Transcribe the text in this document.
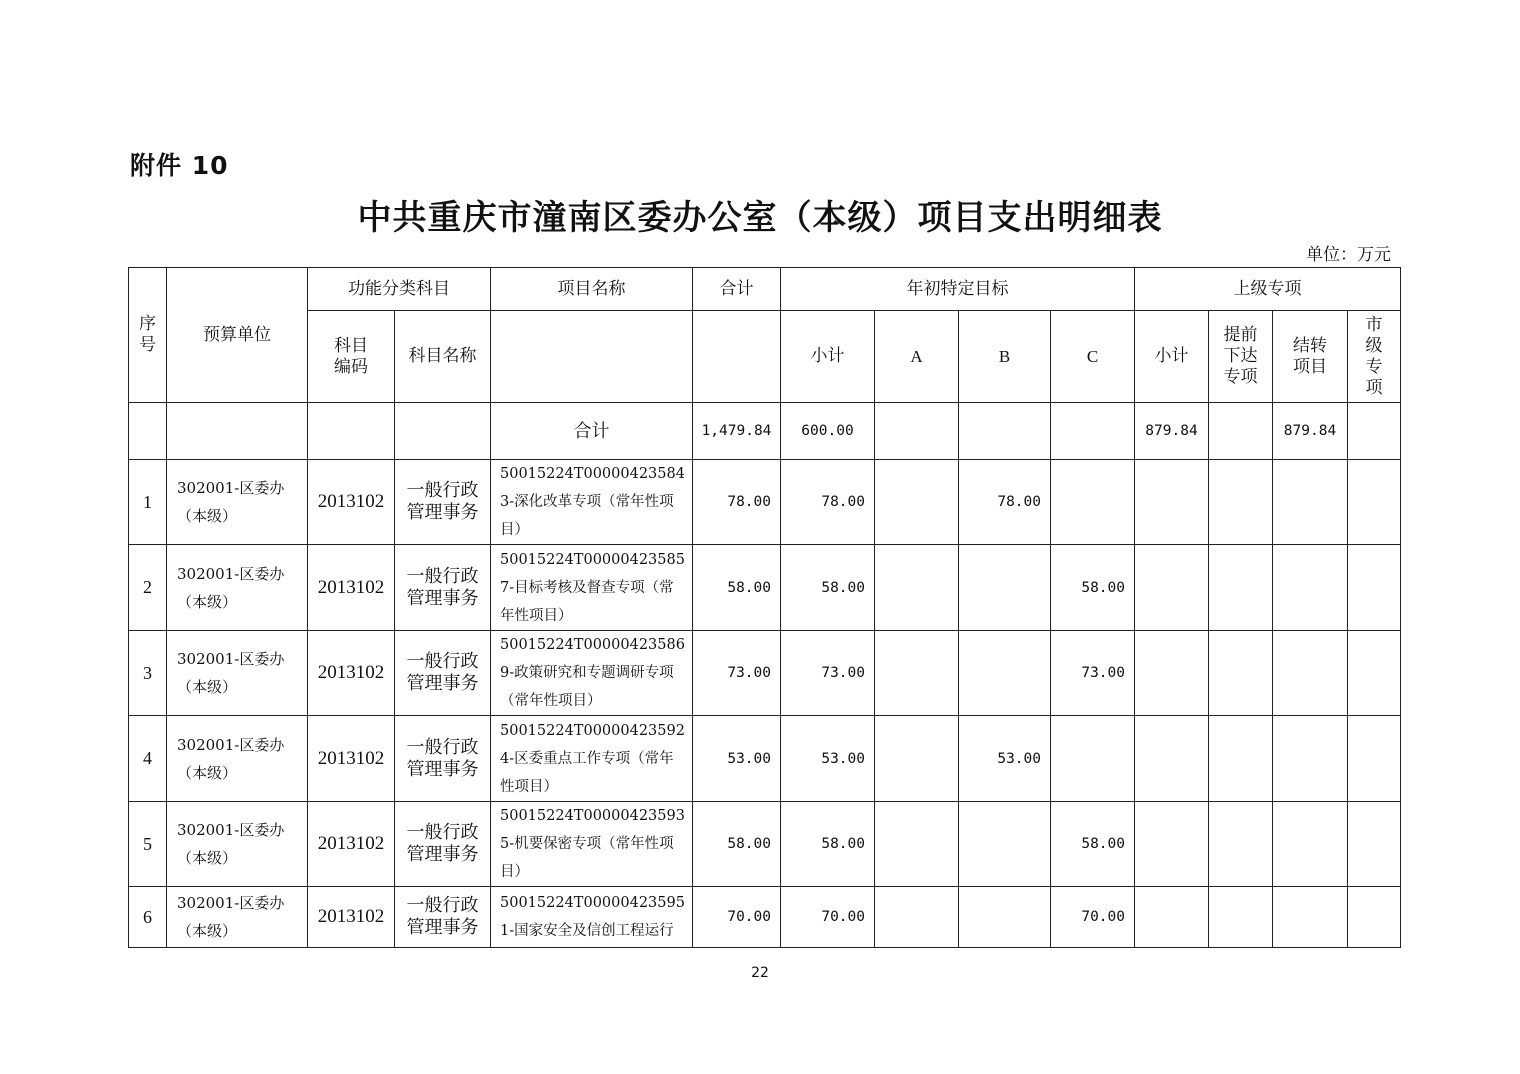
附件 10
中共重庆市潼南区委办公室（本级）项目支出明细表
单位：万元
序号	预算单位	功能分类科目		项目名称	合计	年初特定目标				上级专项			
		科目编码	科目名称			小计	A	B	C	小计	提前下达专项	结转项目	市级专项
				合计	1,479.84	600.00				879.84		879.84	
1	302001-区委办（本级）	2013102	一般行政管理事务	50015224T000004235843-深化改革专项（常年性项目）	78.00	78.00		78.00					
2	302001-区委办（本级）	2013102	一般行政管理事务	50015224T000004235857-目标考核及督查专项（常年性项目）	58.00	58.00			58.00				
3	302001-区委办（本级）	2013102	一般行政管理事务	50015224T000004235869-政策研究和专题调研专项（常年性项目）	73.00	73.00			73.00				
4	302001-区委办（本级）	2013102	一般行政管理事务	50015224T000004235924-区委重点工作专项（常年性项目）	53.00	53.00		53.00					
5	302001-区委办（本级）	2013102	一般行政管理事务	50015224T000004235935-机要保密专项（常年性项目）	58.00	58.00			58.00				
6	302001-区委办（本级）	2013102	一般行政管理事务	50015224T000004235951-国家安全及信创工程运行	70.00	70.00			70.00				
22
